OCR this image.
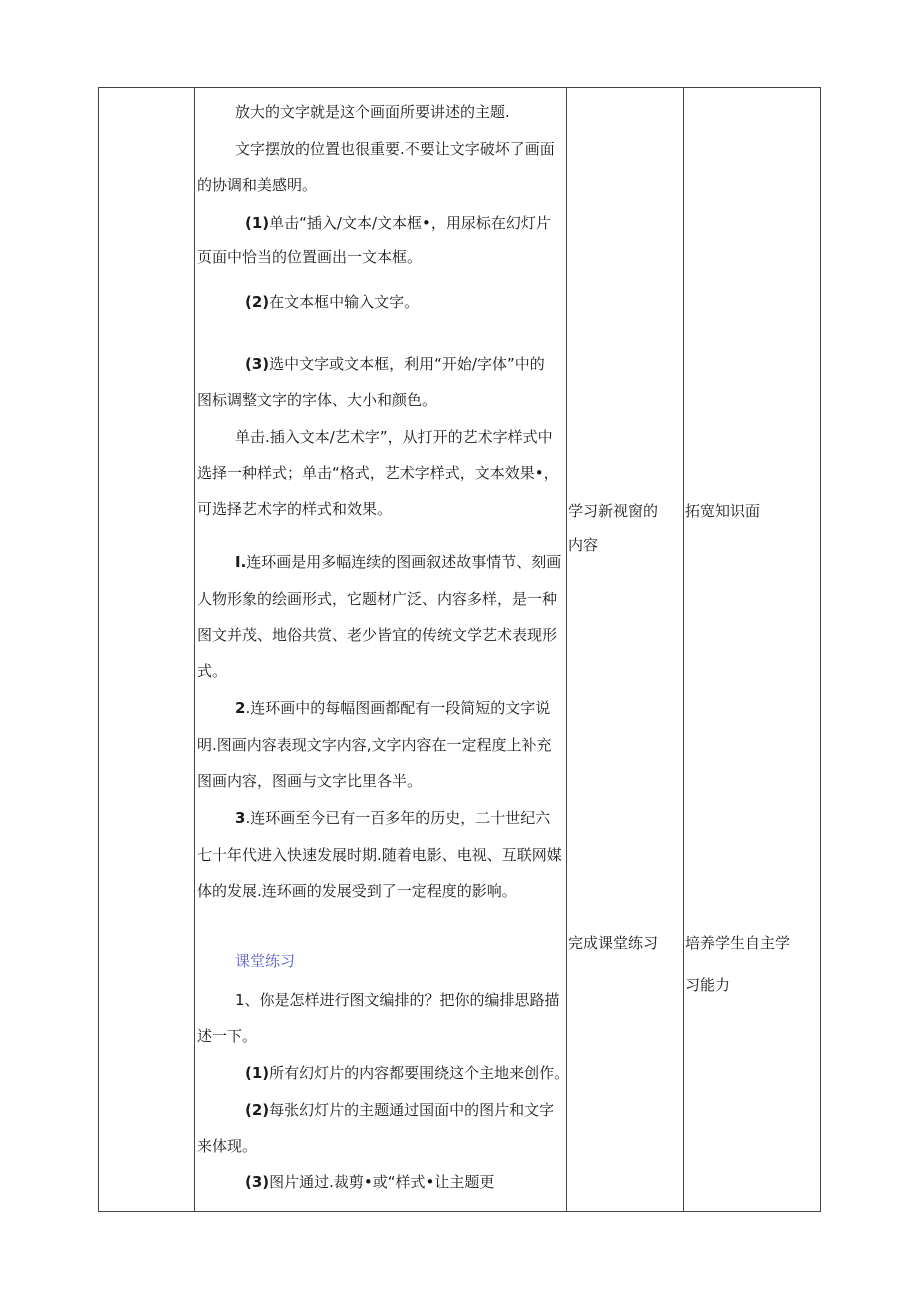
放大的文字就是这个画面所要讲述的主题.
文字摆放的位置也很重要.不要让文字破坏了画面
的协调和美感明。
(1)单击“插入/文本/文本框•，用尿标在幻灯片
页面中恰当的位置画出一文本框。
(2)在文本框中输入文字。
(3)选中文字或文本框，利用“开始/字体”中的
图标调整文字的字体、大小和颜色。
单击.插入文本/艺术字”，从打开的艺术字样式中
选择一种样式；单击“格式，艺术字样式，文本效果•，
可选择艺术字的样式和效果。
I.连环画是用多幅连续的图画叙述故事情节、刻画
人物形象的绘画形式，它题材广泛、内容多样，是一种
图文并茂、地俗共赏、老少皆宜的传统文学艺术表现形
式。
2.连环画中的每幅图画都配有一段简短的文字说
明.图画内容表现文字内容,文字内容在一定程度上补充
图画内容，图画与文字比里各半。
3.连环画至今已有一百多年的历史，二十世纪六
七十年代进入快速发展时期.随着电影、电视、互联网媒
体的发展.连环画的发展受到了一定程度的影响。
课堂练习
1、你是怎样进行图文编排的？把你的编排思路描
述一下。
(1)所有幻灯片的内容都要围绕这个主地来创作。
(2)每张幻灯片的主题通过国面中的图片和文字
来体现。
(3)图片通过.裁剪•或“样式•让主题更
学习新视窗的
内容
完成课堂练习
拓宽知识面
培养学生自主学
习能力
